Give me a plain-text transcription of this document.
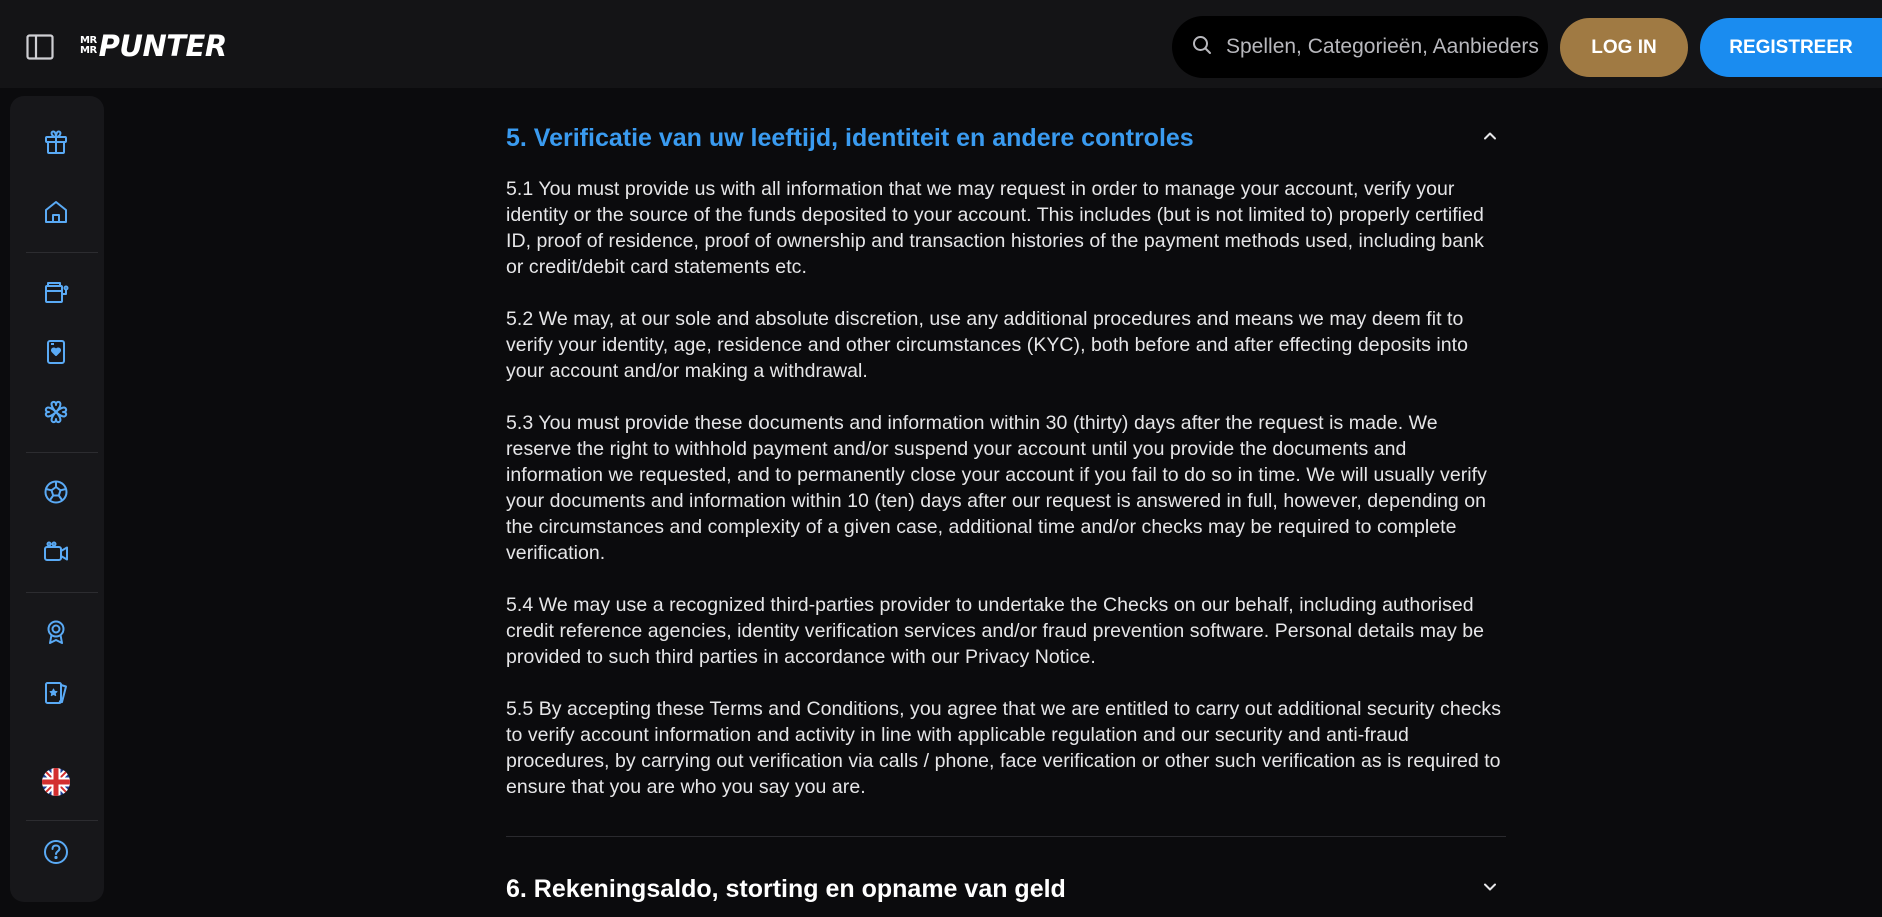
MR
MR PUNTER
Spellen, Categorieën, Aanbieders	LOG IN	REGISTREER
5. Verificatie van uw leeftijd, identiteit en andere controles

5.1 You must provide us with all information that we may request in order to manage your account, verify your identity or the source of the funds deposited to your account. This includes (but is not limited to) properly certified ID, proof of residence, proof of ownership and transaction histories of the payment methods used, including bank or credit/debit card statements etc.

5.2 We may, at our sole and absolute discretion, use any additional procedures and means we may deem fit to verify your identity, age, residence and other circumstances (KYC), both before and after effecting deposits into your account and/or making a withdrawal.

5.3 You must provide these documents and information within 30 (thirty) days after the request is made. We reserve the right to withhold payment and/or suspend your account until you provide the documents and information we requested, and to permanently close your account if you fail to do so in time. We will usually verify your documents and information within 10 (ten) days after our request is answered in full, however, depending on the circumstances and complexity of a given case, additional time and/or checks may be required to complete verification.

5.4 We may use a recognized third-parties provider to undertake the Checks on our behalf, including authorised credit reference agencies, identity verification services and/or fraud prevention software. Personal details may be provided to such third parties in accordance with our Privacy Notice.

5.5 By accepting these Terms and Conditions, you agree that we are entitled to carry out additional security checks to verify account information and activity in line with applicable regulation and our security and anti-fraud procedures, by carrying out verification via calls / phone, face verification or other such verification as is required to ensure that you are who you say you are.

6. Rekeningsaldo, storting en opname van geld
